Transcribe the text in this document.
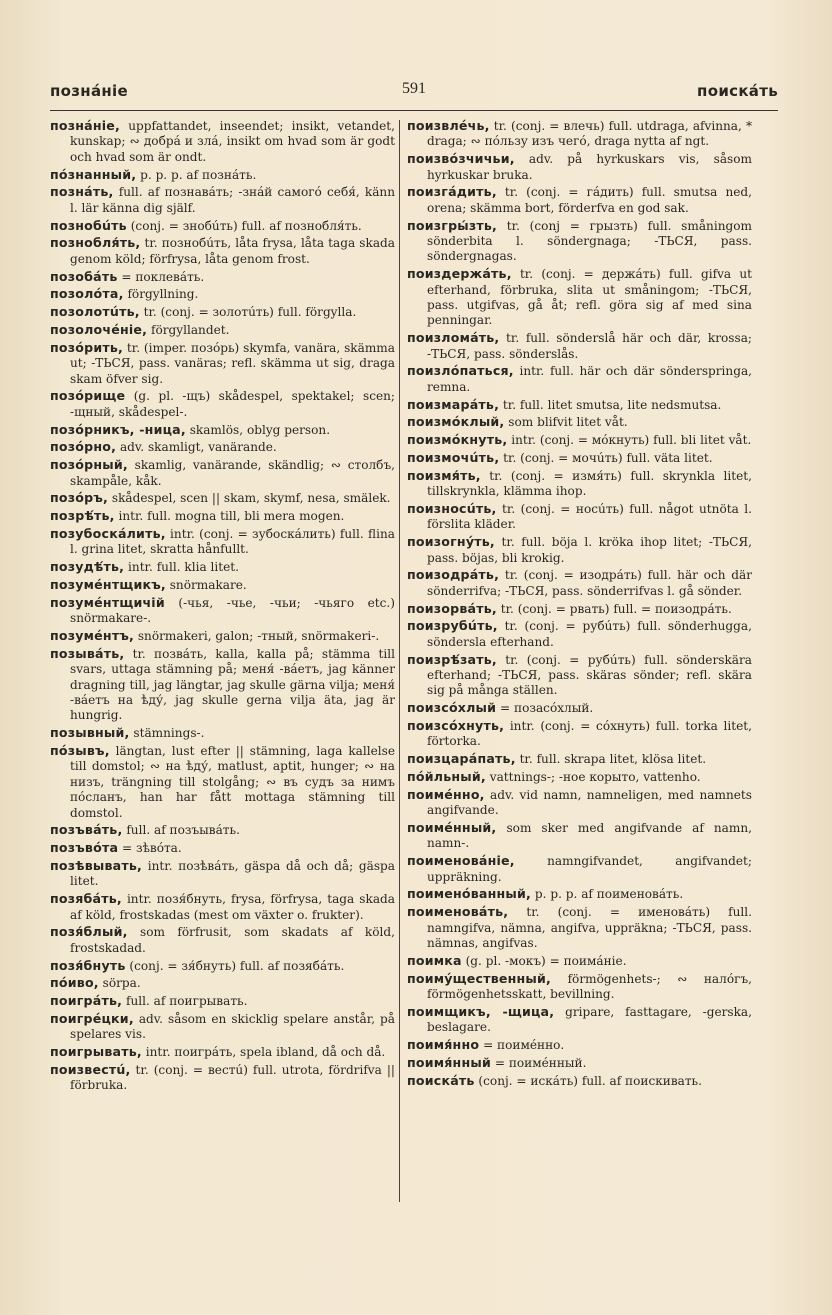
познáніе	591	поискáть

познáніе, uppfattandet, inseendet; insikt, vetandet, kunskap; ∾ добрá и злá, insikt om hvad som är godt och hvad som är ondt.

пóзнанный, p. p. p. af познáть.

познáть, full. af познавáть; -знáй самогó себя́, känn l. lär känna dig själf.

познобúть (conj. = знобúть) full. af познобля́ть.

познобля́ть, tr. познобúть, låta frysa, låta taga skada genom köld; förfrysa, låta genom frost.

позобáть = поклевáть.

позолóта, förgyllning.

позолотúть, tr. (conj. = золотúть) full. förgylla.

позолочéніе, förgyllandet.

позóрить, tr. (imper. позóрь) skymfa, vanära, skämma ut; -ТЬСЯ, pass. vanäras; refl. skämma ut sig, draga skam öfver sig.

позóрище (g. pl. -щъ) skådespel, spektakel; scen; -щный, skådespel-.

позóрникъ, -ница, skamlös, oblyg person.

позóрно, adv. skamligt, vanärande.

позóрный, skamlig, vanärande, skändlig; ∾ столбъ, skampåle, kåk.

позóръ, skådespel, scen || skam, skymf, nesa, smälek.

позрѣ́ть, intr. full. mogna till, bli mera mogen.

позубоскáлить, intr. (conj. = зубоскáлить) full. flina l. grina litet, skratta hånfullt.

позудѣ́ть, intr. full. klia litet.

позумéнтщикъ, snörmakare.

позумéнтщичій (-чья, -чье, -чьи; -чьяго etc.) snörmakare-.

позумéнтъ, snörmakeri, galon; -тный, snörmakeri-.

позывáть, tr. позвáть, kalla, kalla på; stämma till svars, uttaga stämning på; меня́ -вáетъ, jag känner dragning till, jag längtar, jag skulle gärna vilja; меня́ -вáетъ на ѣду́, jag skulle gerna vilja äta, jag är hungrig.

позывный, stämnings-.

пóзывъ, längtan, lust efter || stämning, laga kallelse till domstol; ∾ на ѣду́, matlust, aptit, hunger; ∾ на низъ, trängning till stolgång; ∾ въ судъ за нимъ пóсланъ, han har fått mottaga stämning till domstol.

позъвáть, full. af позъывáть.

позъвóта = зѣвóта.

позѣвывать, intr. позѣвáть, gäspa då och då; gäspa litet.

позябáть, intr. позя́бнуть, frysa, förfrysa, taga skada af köld, frostskadas (mest om växter o. frukter).

позя́блый, som förfrusit, som skadats af köld, frostskadad.

позя́бнуть (conj. = зя́бнуть) full. af позябáть.

пóиво, sörpa.

поигрáть, full. af поигрывать.

поигрéцки, adv. såsom en skicklig spelare anstår, på spelares vis.

поигрывать, intr. поигрáть, spela ibland, då och då.

поизвестú, tr. (conj. = вестú) full. utrota, fördrifva || förbruka.

поизвлéчь, tr. (conj. = влечь) full. utdraga, afvinna, * draga; ∾ пóльзу изъ чегó, draga nytta af ngt.

поизвóзчичьи, adv. på hyrkuskars vis, såsom hyrkuskar bruka.

поизгáдить, tr. (conj. = гáдить) full. smutsa ned, orena; skämma bort, förderfva en god sak.

поизгры́зть, tr. (conj = грызть) full. småningom sönderbita l. söndergnaga; -ТЬСЯ, pass. söndergnagas.

поиздержáть, tr. (conj. = держáть) full. gifva ut efterhand, förbruka, slita ut småningom; -ТЬСЯ, pass. utgifvas, gå åt; refl. göra sig af med sina penningar.

поизломáть, tr. full. sönderslå här och där, krossa; -ТЬСЯ, pass. sönderslås.

поизлóпаться, intr. full. här och där sönderspringa, remna.

поизмарáть, tr. full. litet smutsa, lite nedsmutsa.

поизмóклый, som blifvit litet våt.

поизмóкнуть, intr. (conj. = мóкнуть) full. bli litet våt.

поизмочúть, tr. (conj. = мочúть) full. väta litet.

поизмя́ть, tr. (conj. = измя́ть) full. skrynkla litet, tillskrynkla, klämma ihop.

поизносúть, tr. (conj. = носúть) full. något utnöta l. förslita kläder.

поизогнýть, tr. full. böja l. kröka ihop litet; -ТЬСЯ, pass. böjas, bli krokig.

поизодрáть, tr. (conj. = изодрáть) full. här och där sönderrifva; -ТЬСЯ, pass. sönderrifvas l. gå sönder.

поизорвáть, tr. (conj. = рвать) full. = поизодрáть.

поизрубúть, tr. (conj. = рубúть) full. sönderhugga, söndersla efterhand.

поизрѣ́зать, tr. (conj. = рубúть) full. sönderskära efterhand; -ТЬСЯ, pass. skäras sönder; refl. skära sig på många ställen.

поизсóхлый = позасóхлый.

поизсóхнуть, intr. (conj. = сóхнуть) full. torka litet, förtorka.

поизцарáпать, tr. full. skrapa litet, klösa litet.

пóйльный, vattnings-; -ное корыто, vattenho.

поимéнно, adv. vid namn, namneligen, med namnets angifvande.

поимéнный, som sker med angifvande af namn, namn-.

поименовáніе,	namngifvandet, angifvandet; uppräkning.

поименóванный, p. p. p. af поименовáть.

поименовáть, tr. (conj. = именовáть) full. namngifva, nämna, angifva, uppräkna; -ТЬСЯ, pass. nämnas, angifvas.

поимка (g. pl. -мокъ) = поимáніе.

поимýщественный, förmögenhets-; ∾ налóгъ, förmögenhetsskatt, bevillning.

поимщикъ, -щица, gripare, fasttagare, -gerska, beslagare.

поимя́нно = поимéнно.

поимя́нный = поимéнный.

поискáть (conj. = искáть) full. af поискивать.
